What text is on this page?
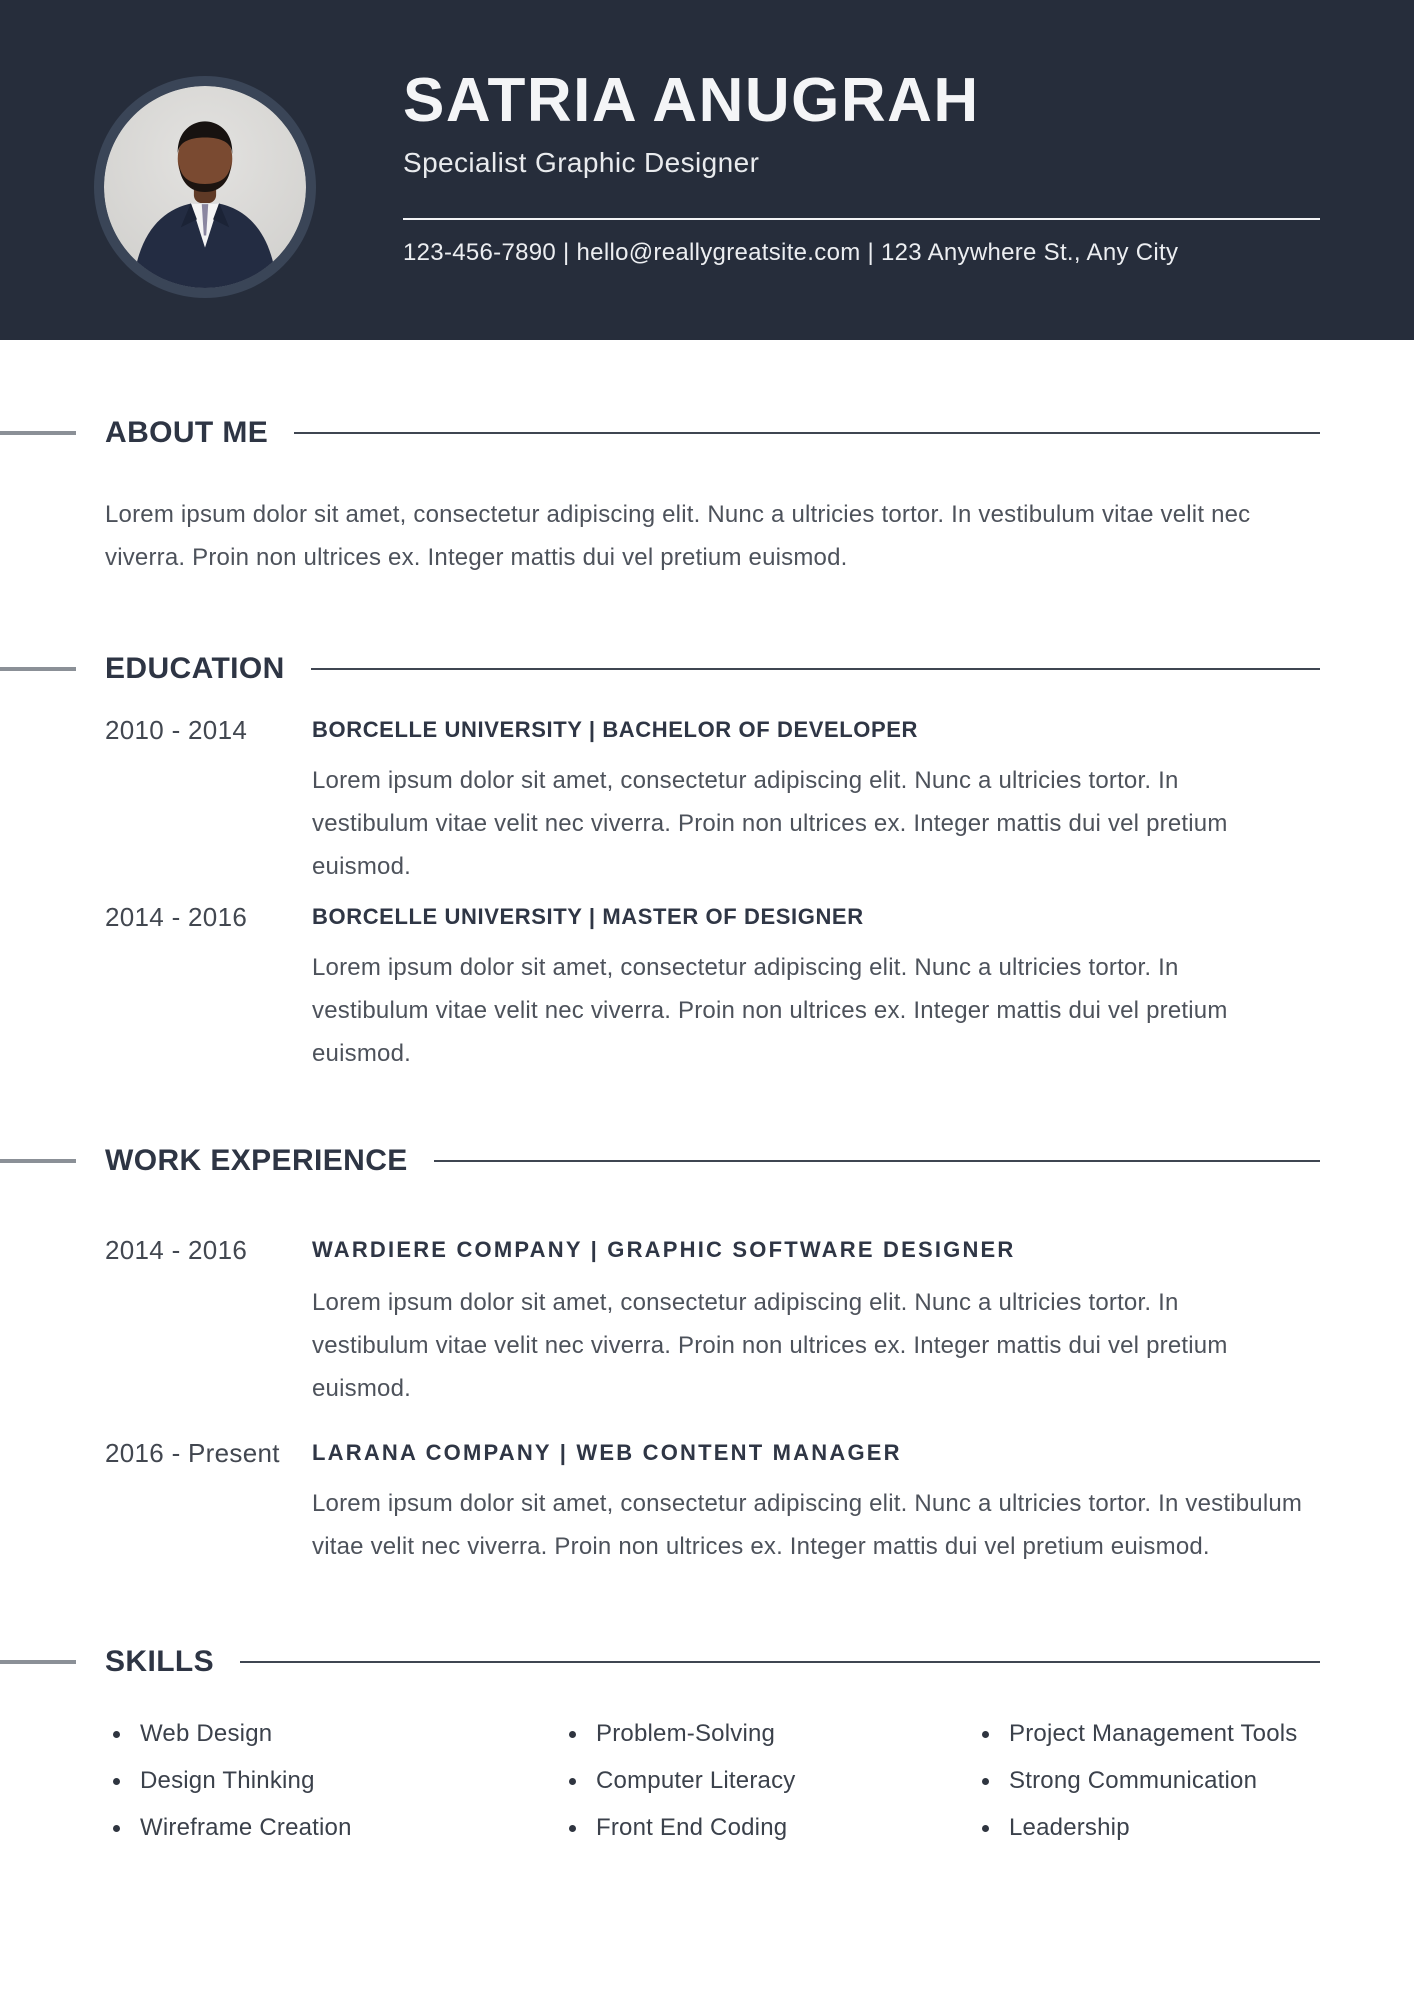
SATRIA ANUGRAH
Specialist Graphic Designer
123-456-7890 | hello@reallygreatsite.com | 123 Anywhere St., Any City
ABOUT ME

Lorem ipsum dolor sit amet, consectetur adipiscing elit. Nunc a ultricies tortor. In vestibulum vitae velit nec viverra. Proin non ultrices ex. Integer mattis dui vel pretium euismod.

EDUCATION
2010 - 2014	BORCELLE UNIVERSITY | BACHELOR OF DEVELOPER

Lorem ipsum dolor sit amet, consectetur adipiscing elit. Nunc a ultricies tortor. In vestibulum vitae velit nec viverra. Proin non ultrices ex. Integer mattis dui vel pretium euismod.

2014 - 2016	BORCELLE UNIVERSITY | MASTER OF DESIGNER

Lorem ipsum dolor sit amet, consectetur adipiscing elit. Nunc a ultricies tortor. In vestibulum vitae velit nec viverra. Proin non ultrices ex. Integer mattis dui vel pretium euismod.

WORK EXPERIENCE
2014 - 2016	WARDIERE COMPANY | GRAPHIC SOFTWARE DESIGNER

Lorem ipsum dolor sit amet, consectetur adipiscing elit. Nunc a ultricies tortor. In vestibulum vitae velit nec viverra. Proin non ultrices ex. Integer mattis dui vel pretium euismod.

2016 - Present	LARANA COMPANY | WEB CONTENT MANAGER

Lorem ipsum dolor sit amet, consectetur adipiscing elit. Nunc a ultricies tortor. In vestibulum vitae velit nec viverra. Proin non ultrices ex. Integer mattis dui vel pretium euismod.

SKILLS
Web Design
Design Thinking
Wireframe Creation
Problem-Solving
Computer Literacy
Front End Coding
Project Management Tools
Strong Communication
Leadership
